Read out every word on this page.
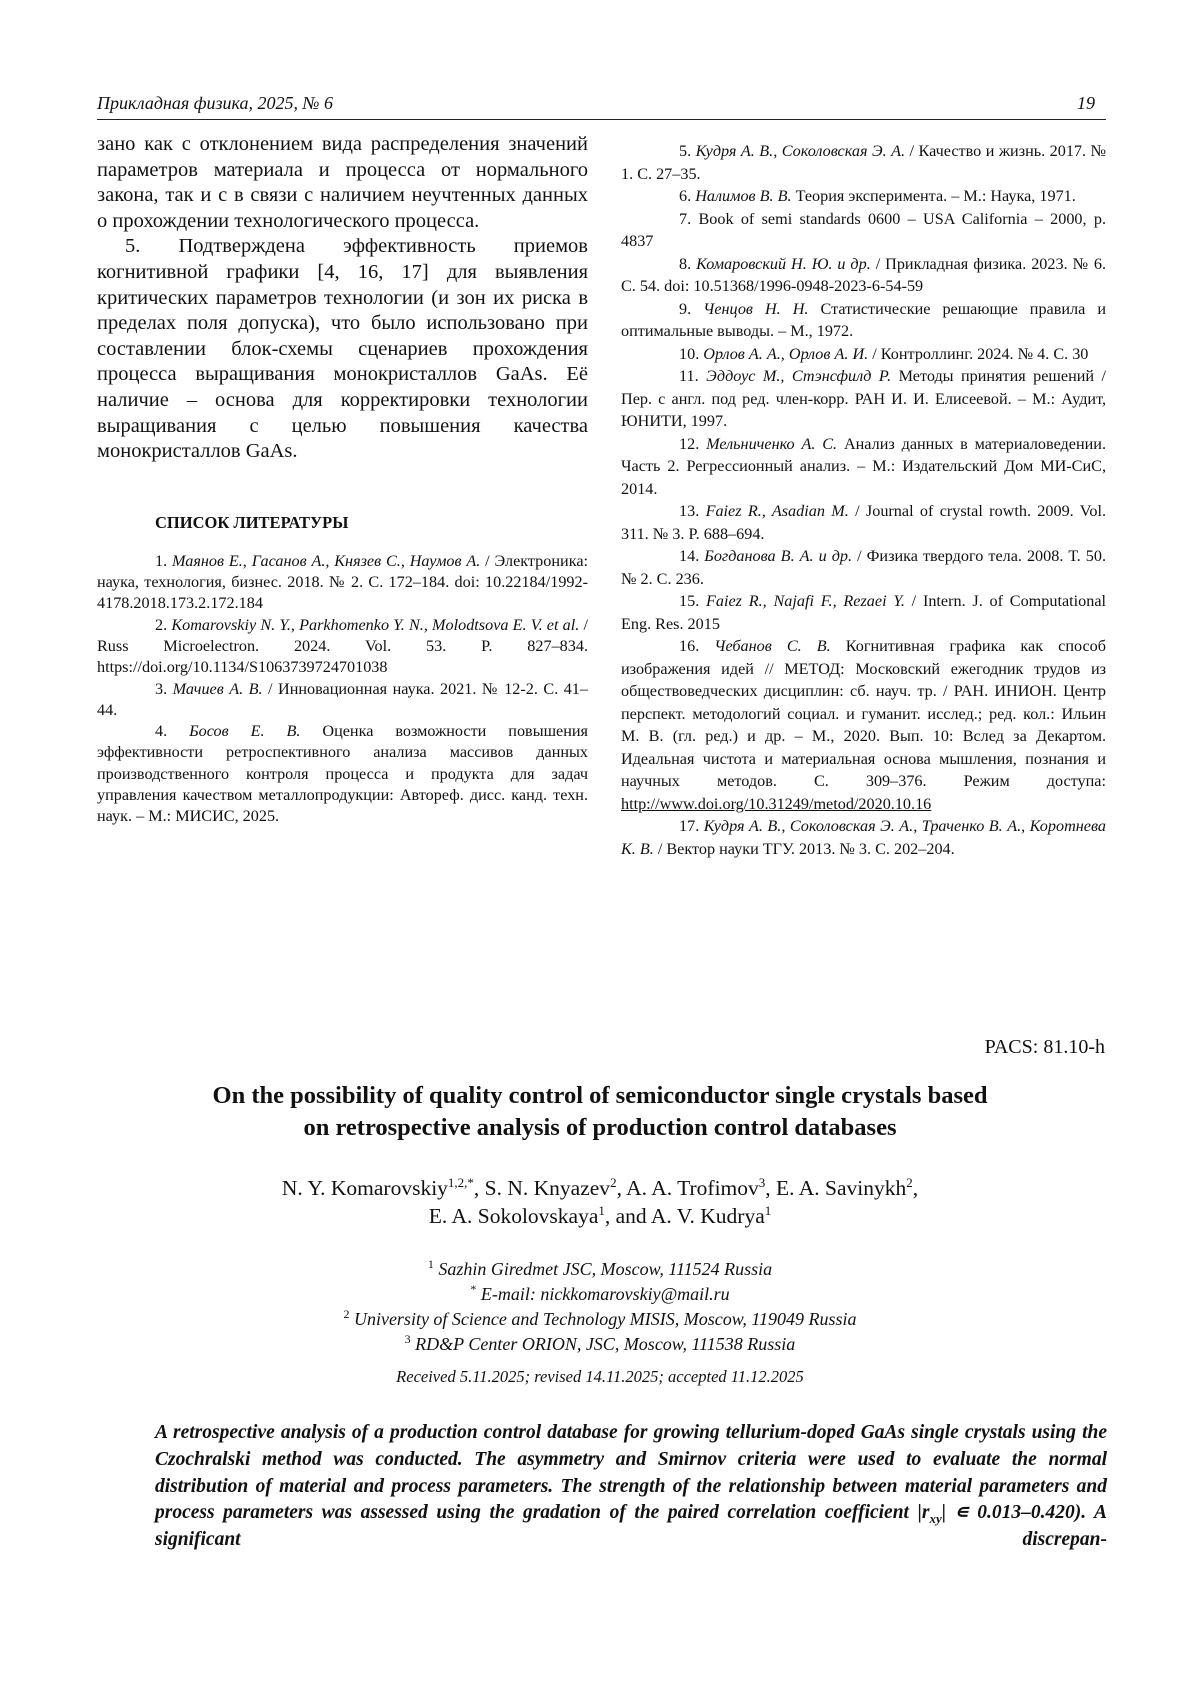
Прикладная физика, 2025, № 6	19

зано как с отклонением вида распределения значений параметров материала и процесса от нормального закона, так и с в связи с наличием неучтенных данных о прохождении технологического процесса.

5. Подтверждена эффективность приемов когнитивной графики [4, 16, 17] для выявления критических параметров технологии (и зон их риска в пределах поля допуска), что было использовано при составлении блок-схемы сценариев прохождения процесса выращивания монокристаллов GaAs. Её наличие – основа для корректировки технологии выращивания с целью повышения качества монокристаллов GaAs.

СПИСОК ЛИТЕРАТУРЫ

1. Маянов Е., Гасанов А., Князев С., Наумов А. / Электроника: наука, технология, бизнес. 2018. № 2. С. 172–184. doi: 10.22184/1992-4178.2018.173.2.172.184

2. Komarovskiy N. Y., Parkhomenko Y. N., Molodtsova E. V. et al. / Russ Microelectron. 2024. Vol. 53. P. 827–834. https://doi.org/10.1134/S1063739724701038

3. Мачиев А. В. / Инновационная наука. 2021. № 12-2. С. 41–44.

4. Босов Е. В. Оценка возможности повышения эффективности ретроспективного анализа массивов данных производственного контроля процесса и продукта для задач управления качеством металлопродукции: Автореф. дисс. канд. техн. наук. – М.: МИСИС, 2025.

5. Кудря А. В., Соколовская Э. А. / Качество и жизнь. 2017. № 1. С. 27–35.

6. Налимов В. В. Теория эксперимента. – М.: Наука, 1971.

7. Book of semi standards 0600 – USA California – 2000, p. 4837

8. Комаровский Н. Ю. и др. / Прикладная физика. 2023. № 6. С. 54. doi: 10.51368/1996-0948-2023-6-54-59

9. Ченцов Н. Н. Статистические решающие правила и оптимальные выводы. – М., 1972.

10. Орлов А. А., Орлов А. И. / Контроллинг. 2024. № 4. С. 30

11. Эддоус М., Стэнсфилд Р. Методы принятия решений / Пер. с англ. под ред. член-корр. РАН И. И. Елисеевой. – М.: Аудит, ЮНИТИ, 1997.

12. Мельниченко А. С. Анализ данных в материаловедении. Часть 2. Регрессионный анализ. – М.: Издательский Дом МИ-СиС, 2014.

13. Faiez R., Asadian M. / Journal of crystal rowth. 2009. Vol. 311. № 3. P. 688–694.

14. Богданова В. А. и др. / Физика твердого тела. 2008. Т. 50. № 2. С. 236.

15. Faiez R., Najafi F., Rezaei Y. / Intern. J. of Computational Eng. Res. 2015

16. Чебанов С. В. Когнитивная графика как способ изображения идей // МЕТОД: Московский ежегодник трудов из обществоведческих дисциплин: сб. науч. тр. / РАН. ИНИОН. Центр перспект. методологий социал. и гуманит. исслед.; ред. кол.: Ильин М. В. (гл. ред.) и др. – М., 2020. Вып. 10: Вслед за Декартом. Идеальная чистота и материальная основа мышления, познания и научных методов. С. 309–376. Режим доступа: http://www.doi.org/10.31249/metod/2020.10.16

17. Кудря А. В., Соколовская Э. А., Траченко В. А., Коротнева К. В. / Вектор науки ТГУ. 2013. № 3. С. 202–204.

PACS: 81.10-h
On the possibility of quality control of semiconductor single crystals based
on retrospective analysis of production control databases
N. Y. Komarovskiy$^{1,2,*}$, S. N. Knyazev$^2$, A. A. Trofimov$^3$, E. A. Savinykh$^2$,
E. A. Sokolovskaya$^1$, and A. V. Kudrya$^1$
$^1$ Sazhin Giredmet JSC, Moscow, 111524 Russia
* E-mail: nickkomarovskiy@mail.ru
$^2$ University of Science and Technology MISIS, Moscow, 119049 Russia
$^3$ RD&P Center ORION, JSC, Moscow, 111538 Russia
Received 5.11.2025; revised 14.11.2025; accepted 11.12.2025

A retrospective analysis of a production control database for growing tellurium-doped GaAs single crystals using the Czochralski method was conducted. The asymmetry and Smirnov criteria were used to evaluate the normal distribution of material and process parameters. The strength of the relationship between material parameters and process parameters was assessed using the gradation of the paired correlation coefficient $|r_{xy}|$ ∊ 0.013–0.420). A significant discrepan-
